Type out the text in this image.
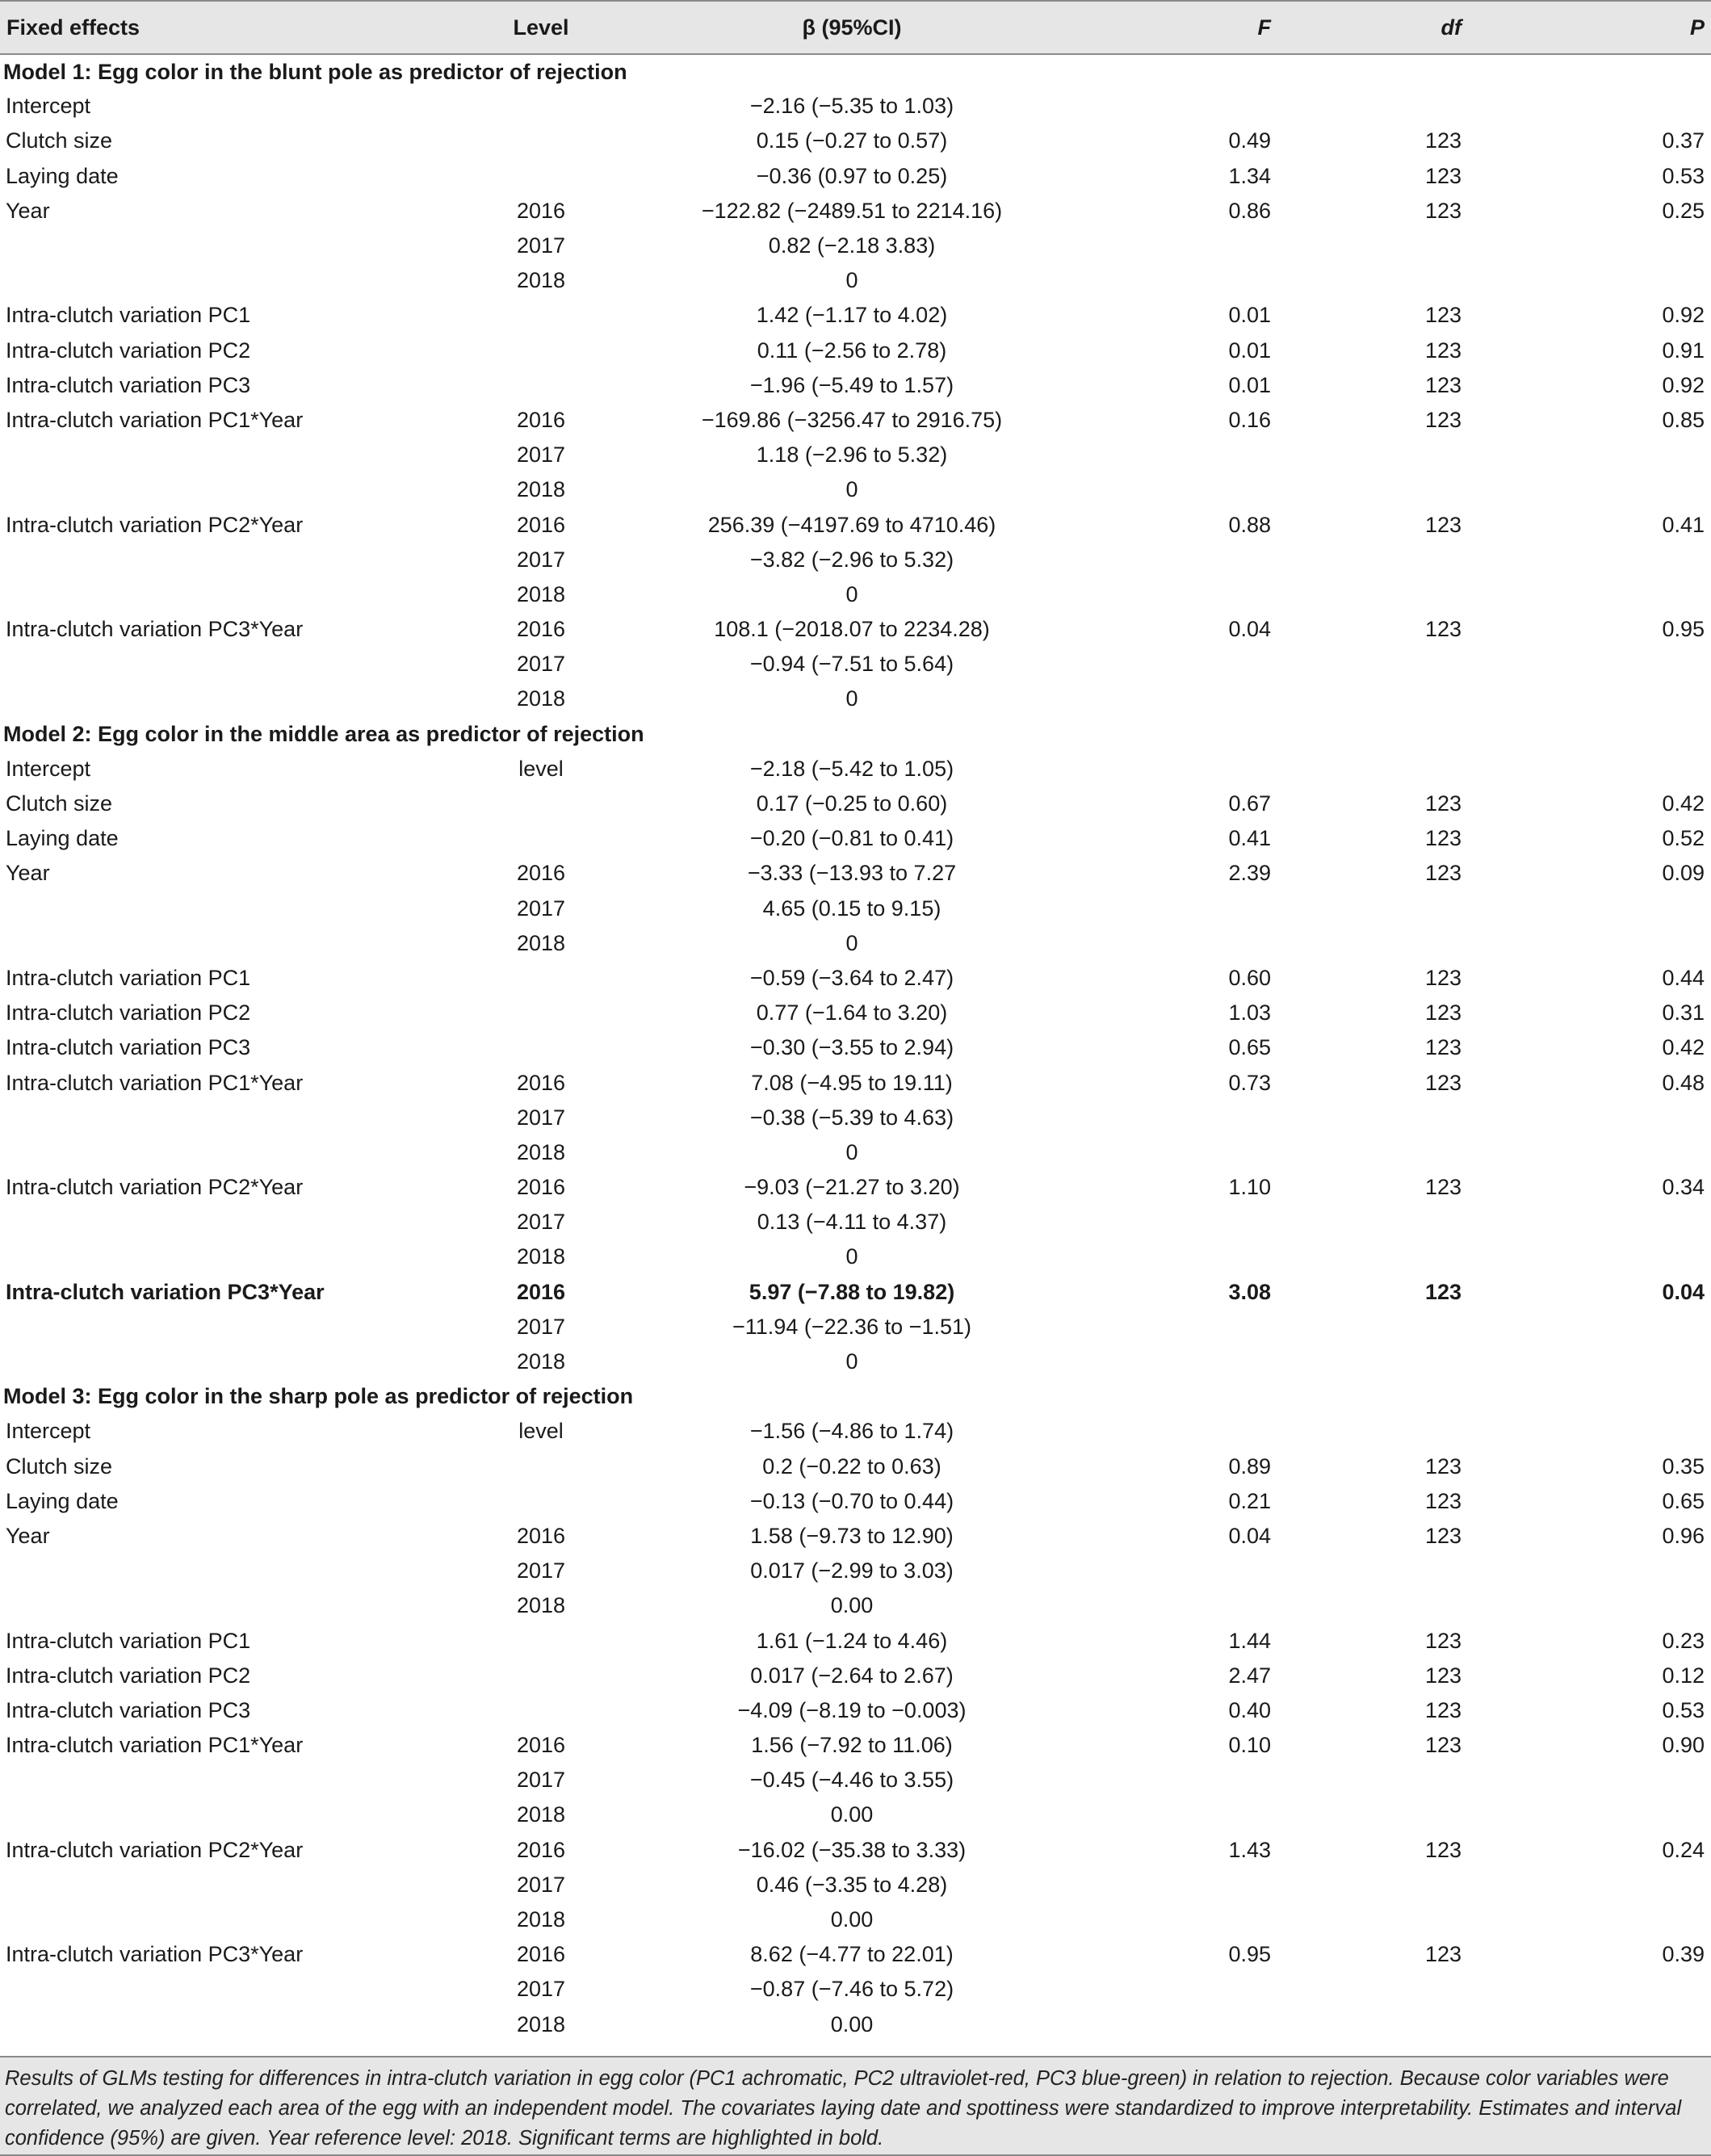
Fixed effects	Level	β (95%CI)	F	df	P
Model 1: Egg color in the blunt pole as predictor of rejection					
Intercept		−2.16 (−5.35 to 1.03)			
Clutch size		0.15 (−0.27 to 0.57)	0.49	123	0.37
Laying date		−0.36 (0.97 to 0.25)	1.34	123	0.53
Year	2016	−122.82 (−2489.51 to 2214.16)	0.86	123	0.25
	2017	0.82 (−2.18 3.83)			
	2018	0			
Intra-clutch variation PC1		1.42 (−1.17 to 4.02)	0.01	123	0.92
Intra-clutch variation PC2		0.11 (−2.56 to 2.78)	0.01	123	0.91
Intra-clutch variation PC3		−1.96 (−5.49 to 1.57)	0.01	123	0.92
Intra-clutch variation PC1*Year	2016	−169.86 (−3256.47 to 2916.75)	0.16	123	0.85
	2017	1.18 (−2.96 to 5.32)			
	2018	0			
Intra-clutch variation PC2*Year	2016	256.39 (−4197.69 to 4710.46)	0.88	123	0.41
	2017	−3.82 (−2.96 to 5.32)			
	2018	0			
Intra-clutch variation PC3*Year	2016	108.1 (−2018.07 to 2234.28)	0.04	123	0.95
	2017	−0.94 (−7.51 to 5.64)			
	2018	0			
Model 2: Egg color in the middle area as predictor of rejection					
Intercept	level	−2.18 (−5.42 to 1.05)			
Clutch size		0.17 (−0.25 to 0.60)	0.67	123	0.42
Laying date		−0.20 (−0.81 to 0.41)	0.41	123	0.52
Year	2016	−3.33 (−13.93 to 7.27	2.39	123	0.09
	2017	4.65 (0.15 to 9.15)			
	2018	0			
Intra-clutch variation PC1		−0.59 (−3.64 to 2.47)	0.60	123	0.44
Intra-clutch variation PC2		0.77 (−1.64 to 3.20)	1.03	123	0.31
Intra-clutch variation PC3		−0.30 (−3.55 to 2.94)	0.65	123	0.42
Intra-clutch variation PC1*Year	2016	7.08 (−4.95 to 19.11)	0.73	123	0.48
	2017	−0.38 (−5.39 to 4.63)			
	2018	0			
Intra-clutch variation PC2*Year	2016	−9.03 (−21.27 to 3.20)	1.10	123	0.34
	2017	0.13 (−4.11 to 4.37)			
	2018	0			
Intra-clutch variation PC3*Year	2016	5.97 (−7.88 to 19.82)	3.08	123	0.04
	2017	−11.94 (−22.36 to −1.51)			
	2018	0			
Model 3: Egg color in the sharp pole as predictor of rejection					
Intercept	level	−1.56 (−4.86 to 1.74)			
Clutch size		0.2 (−0.22 to 0.63)	0.89	123	0.35
Laying date		−0.13 (−0.70 to 0.44)	0.21	123	0.65
Year	2016	1.58 (−9.73 to 12.90)	0.04	123	0.96
	2017	0.017 (−2.99 to 3.03)			
	2018	0.00			
Intra-clutch variation PC1		1.61 (−1.24 to 4.46)	1.44	123	0.23
Intra-clutch variation PC2		0.017 (−2.64 to 2.67)	2.47	123	0.12
Intra-clutch variation PC3		−4.09 (−8.19 to −0.003)	0.40	123	0.53
Intra-clutch variation PC1*Year	2016	1.56 (−7.92 to 11.06)	0.10	123	0.90
	2017	−0.45 (−4.46 to 3.55)			
	2018	0.00			
Intra-clutch variation PC2*Year	2016	−16.02 (−35.38 to 3.33)	1.43	123	0.24
	2017	0.46 (−3.35 to 4.28)			
	2018	0.00			
Intra-clutch variation PC3*Year	2016	8.62 (−4.77 to 22.01)	0.95	123	0.39
	2017	−0.87 (−7.46 to 5.72)			
	2018	0.00			
Results of GLMs testing for differences in intra-clutch variation in egg color (PC1 achromatic, PC2 ultraviolet-red, PC3 blue-green) in relation to rejection. Because color variables were correlated, we analyzed each area of the egg with an independent model. The covariates laying date and spottiness were standardized to improve interpretability. Estimates and interval confidence (95%) are given. Year reference level: 2018. Significant terms are highlighted in bold.
